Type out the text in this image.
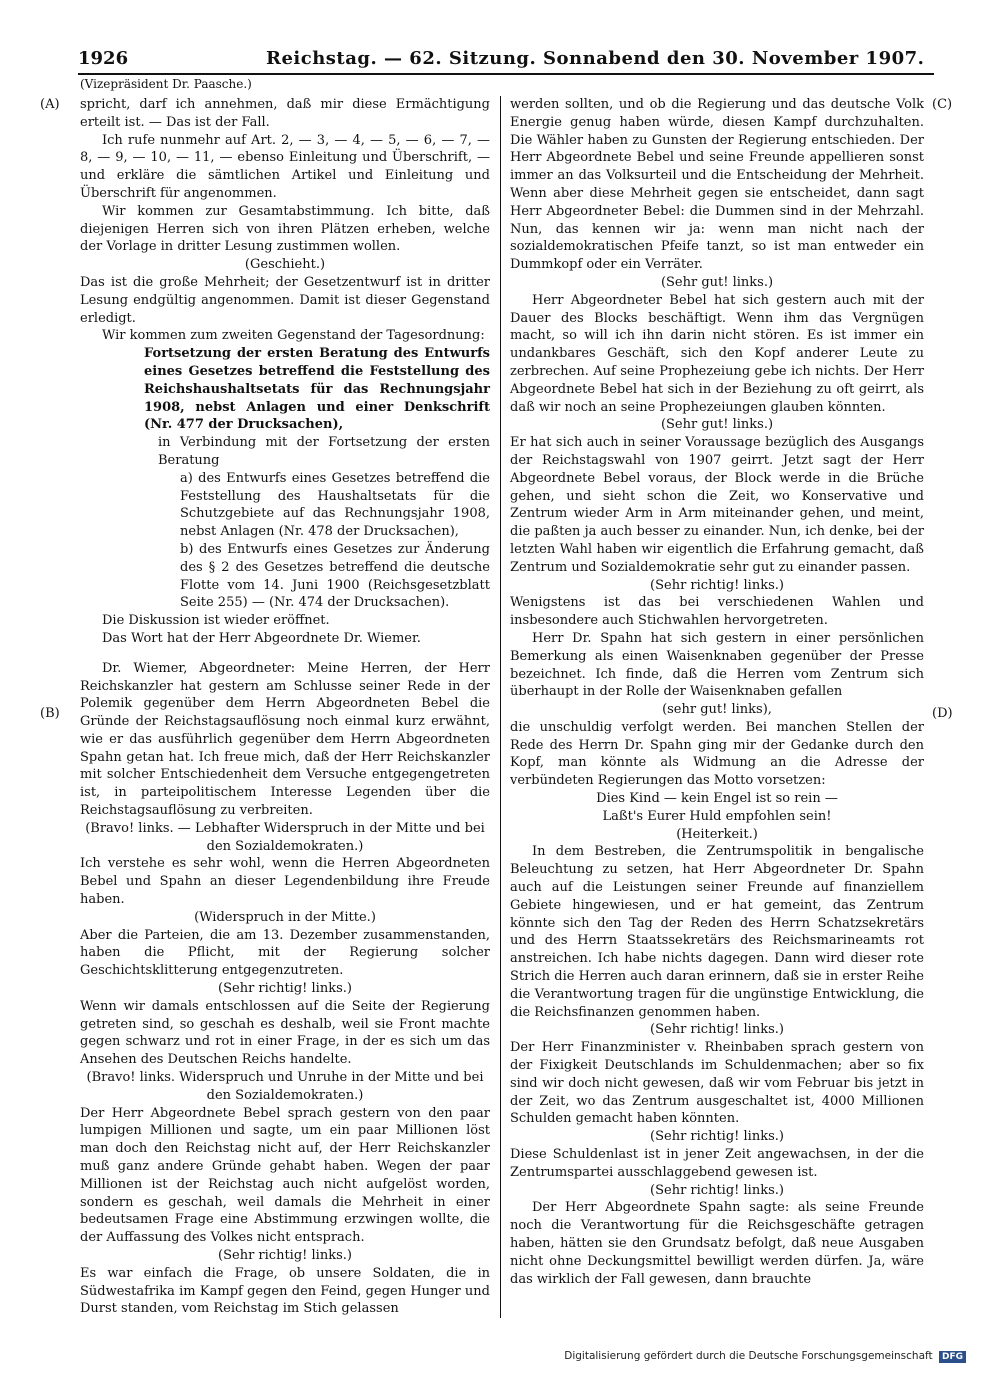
1926	Reichstag. — 62. Sitzung. Sonnabend den 30. November 1907.
(Vizepräsident Dr. Paasche.)
(A)
(B)
(C)
(D)

spricht, darf ich annehmen, daß mir diese Ermächtigung erteilt ist. — Das ist der Fall.

Ich rufe nunmehr auf Art. 2, — 3, — 4, — 5, — 6, — 7, — 8, — 9, — 10, — 11, — ebenso Einleitung und Überschrift, — und erkläre die sämtlichen Artikel und Einleitung und Überschrift für angenommen.

Wir kommen zur Gesamtabstimmung. Ich bitte, daß diejenigen Herren sich von ihren Plätzen erheben, welche der Vorlage in dritter Lesung zustimmen wollen.

(Geschieht.)

Das ist die große Mehrheit; der Gesetzentwurf ist in dritter Lesung endgültig angenommen. Damit ist dieser Gegenstand erledigt.

Wir kommen zum zweiten Gegenstand der Tagesordnung:

Fortsetzung der ersten Beratung des Entwurfs eines Gesetzes betreffend die Feststellung des Reichshaushaltsetats für das Rechnungsjahr 1908, nebst Anlagen und einer Denkschrift (Nr. 477 der Drucksachen),

in Verbindung mit der Fortsetzung der ersten Beratung

a) des Entwurfs eines Gesetzes betreffend die Feststellung des Haushaltsetats für die Schutzgebiete auf das Rechnungsjahr 1908, nebst Anlagen (Nr. 478 der Drucksachen),

b) des Entwurfs eines Gesetzes zur Änderung des § 2 des Gesetzes betreffend die deutsche Flotte vom 14. Juni 1900 (Reichsgesetzblatt Seite 255) — (Nr. 474 der Drucksachen).

Die Diskussion ist wieder eröffnet.

Das Wort hat der Herr Abgeordnete Dr. Wiemer.

Dr. Wiemer, Abgeordneter: Meine Herren, der Herr Reichskanzler hat gestern am Schlusse seiner Rede in der Polemik gegenüber dem Herrn Abgeordneten Bebel die Gründe der Reichstagsauflösung noch einmal kurz erwähnt, wie er das ausführlich gegenüber dem Herrn Abgeordneten Spahn getan hat. Ich freue mich, daß der Herr Reichskanzler mit solcher Entschiedenheit dem Versuche entgegengetreten ist, in parteipolitischem Interesse Legenden über die Reichstagsauflösung zu verbreiten.

(Bravo! links. — Lebhafter Widerspruch in der Mitte und bei den Sozialdemokraten.)

Ich verstehe es sehr wohl, wenn die Herren Abgeordneten Bebel und Spahn an dieser Legendenbildung ihre Freude haben.

(Widerspruch in der Mitte.)

Aber die Parteien, die am 13. Dezember zusammenstanden, haben die Pflicht, mit der Regierung solcher Geschichtsklitterung entgegenzutreten.

(Sehr richtig! links.)

Wenn wir damals entschlossen auf die Seite der Regierung getreten sind, so geschah es deshalb, weil sie Front machte gegen schwarz und rot in einer Frage, in der es sich um das Ansehen des Deutschen Reichs handelte.

(Bravo! links. Widerspruch und Unruhe in der Mitte und bei den Sozialdemokraten.)

Der Herr Abgeordnete Bebel sprach gestern von den paar lumpigen Millionen und sagte, um ein paar Millionen löst man doch den Reichstag nicht auf, der Herr Reichskanzler muß ganz andere Gründe gehabt haben. Wegen der paar Millionen ist der Reichstag auch nicht aufgelöst worden, sondern es geschah, weil damals die Mehrheit in einer bedeutsamen Frage eine Abstimmung erzwingen wollte, die der Auffassung des Volkes nicht entsprach.

(Sehr richtig! links.)

Es war einfach die Frage, ob unsere Soldaten, die in Südwestafrika im Kampf gegen den Feind, gegen Hunger und Durst standen, vom Reichstag im Stich gelassen

werden sollten, und ob die Regierung und das deutsche Volk Energie genug haben würde, diesen Kampf durchzuhalten. Die Wähler haben zu Gunsten der Regierung entschieden. Der Herr Abgeordnete Bebel und seine Freunde appellieren sonst immer an das Volksurteil und die Entscheidung der Mehrheit. Wenn aber diese Mehrheit gegen sie entscheidet, dann sagt Herr Abgeordneter Bebel: die Dummen sind in der Mehrzahl. Nun, das kennen wir ja: wenn man nicht nach der sozialdemokratischen Pfeife tanzt, so ist man entweder ein Dummkopf oder ein Verräter.

(Sehr gut! links.)

Herr Abgeordneter Bebel hat sich gestern auch mit der Dauer des Blocks beschäftigt. Wenn ihm das Vergnügen macht, so will ich ihn darin nicht stören. Es ist immer ein undankbares Geschäft, sich den Kopf anderer Leute zu zerbrechen. Auf seine Prophezeiung gebe ich nichts. Der Herr Abgeordnete Bebel hat sich in der Beziehung zu oft geirrt, als daß wir noch an seine Prophezeiungen glauben könnten.

(Sehr gut! links.)

Er hat sich auch in seiner Voraussage bezüglich des Ausgangs der Reichstagswahl von 1907 geirrt. Jetzt sagt der Herr Abgeordnete Bebel voraus, der Block werde in die Brüche gehen, und sieht schon die Zeit, wo Konservative und Zentrum wieder Arm in Arm miteinander gehen, und meint, die paßten ja auch besser zu einander. Nun, ich denke, bei der letzten Wahl haben wir eigentlich die Erfahrung gemacht, daß Zentrum und Sozialdemokratie sehr gut zu einander passen.

(Sehr richtig! links.)

Wenigstens ist das bei verschiedenen Wahlen und insbesondere auch Stichwahlen hervorgetreten.

Herr Dr. Spahn hat sich gestern in einer persönlichen Bemerkung als einen Waisenknaben gegenüber der Presse bezeichnet. Ich finde, daß die Herren vom Zentrum sich überhaupt in der Rolle der Waisenknaben gefallen

(sehr gut! links),

die unschuldig verfolgt werden. Bei manchen Stellen der Rede des Herrn Dr. Spahn ging mir der Gedanke durch den Kopf, man könnte als Widmung an die Adresse der verbündeten Regierungen das Motto vorsetzen:

Dies Kind — kein Engel ist so rein —

Laßt's Eurer Huld empfohlen sein!

(Heiterkeit.)

In dem Bestreben, die Zentrumspolitik in bengalische Beleuchtung zu setzen, hat Herr Abgeordneter Dr. Spahn auch auf die Leistungen seiner Freunde auf finanziellem Gebiete hingewiesen, und er hat gemeint, das Zentrum könnte sich den Tag der Reden des Herrn Schatzsekretärs und des Herrn Staatssekretärs des Reichsmarineamts rot anstreichen. Ich habe nichts dagegen. Dann wird dieser rote Strich die Herren auch daran erinnern, daß sie in erster Reihe die Verantwortung tragen für die ungünstige Entwicklung, die die Reichsfinanzen genommen haben.

(Sehr richtig! links.)

Der Herr Finanzminister v. Rheinbaben sprach gestern von der Fixigkeit Deutschlands im Schuldenmachen; aber so fix sind wir doch nicht gewesen, daß wir vom Februar bis jetzt in der Zeit, wo das Zentrum ausgeschaltet ist, 4000 Millionen Schulden gemacht haben könnten.

(Sehr richtig! links.)

Diese Schuldenlast ist in jener Zeit angewachsen, in der die Zentrumspartei ausschlaggebend gewesen ist.

(Sehr richtig! links.)

Der Herr Abgeordnete Spahn sagte: als seine Freunde noch die Verantwortung für die Reichsgeschäfte getragen haben, hätten sie den Grundsatz befolgt, daß neue Ausgaben nicht ohne Deckungsmittel bewilligt werden dürfen. Ja, wäre das wirklich der Fall gewesen, dann brauchte

Digitalisierung gefördert durch die Deutsche Forschungsgemeinschaft DFG
